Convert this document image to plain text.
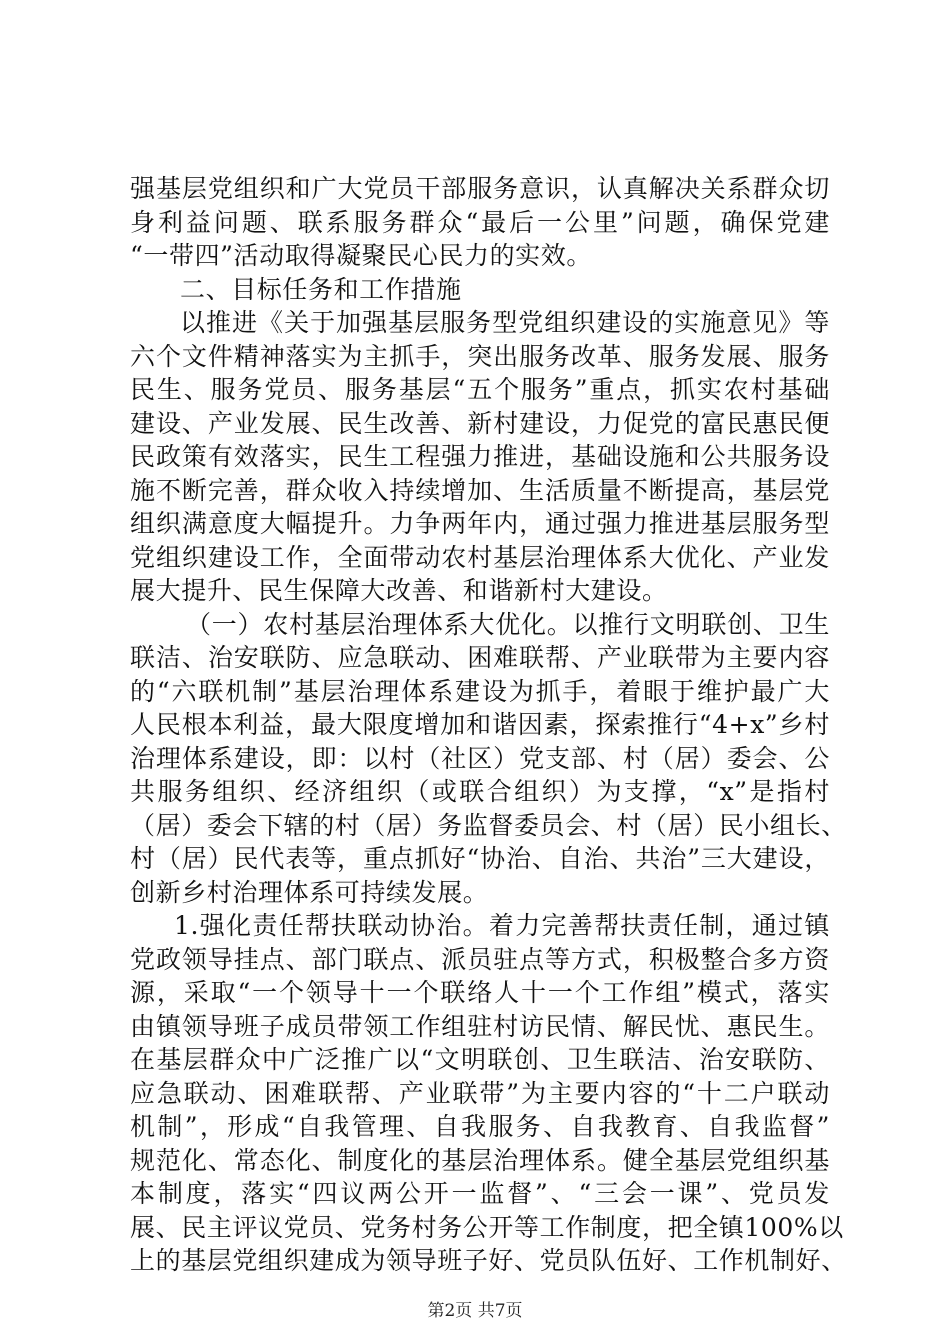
强基层党组织和广大党员干部服务意识，认真解决关系群众切
身利益问题、联系服务群众“最后一公里”问题，确保党建
“一带四”活动取得凝聚民心民力的实效。
二、目标任务和工作措施
以推进《关于加强基层服务型党组织建设的实施意见》等
六个文件精神落实为主抓手，突出服务改革、服务发展、服务
民生、服务党员、服务基层“五个服务”重点，抓实农村基础
建设、产业发展、民生改善、新村建设，力促党的富民惠民便
民政策有效落实，民生工程强力推进，基础设施和公共服务设
施不断完善，群众收入持续增加、生活质量不断提高，基层党
组织满意度大幅提升。力争两年内，通过强力推进基层服务型
党组织建设工作，全面带动农村基层治理体系大优化、产业发
展大提升、民生保障大改善、和谐新村大建设。
（一）农村基层治理体系大优化。以推行文明联创、卫生
联洁、治安联防、应急联动、困难联帮、产业联带为主要内容
的“六联机制”基层治理体系建设为抓手，着眼于维护最广大
人民根本利益，最大限度增加和谐因素，探索推行“4+x”乡村
治理体系建设，即：以村（社区）党支部、村（居）委会、公
共服务组织、经济组织（或联合组织）为支撑，“x”是指村
（居）委会下辖的村（居）务监督委员会、村（居）民小组长、
村（居）民代表等，重点抓好“协治、自治、共治”三大建设，
创新乡村治理体系可持续发展。
1.强化责任帮扶联动协治。着力完善帮扶责任制，通过镇
党政领导挂点、部门联点、派员驻点等方式，积极整合多方资
源，采取“一个领导十一个联络人十一个工作组”模式，落实
由镇领导班子成员带领工作组驻村访民情、解民忧、惠民生。
在基层群众中广泛推广以“文明联创、卫生联洁、治安联防、
应急联动、困难联帮、产业联带”为主要内容的“十二户联动
机制”，形成“自我管理、自我服务、自我教育、自我监督”
规范化、常态化、制度化的基层治理体系。健全基层党组织基
本制度，落实“四议两公开一监督”、“三会一课”、党员发
展、民主评议党员、党务村务公开等工作制度，把全镇100%以
上的基层党组织建成为领导班子好、党员队伍好、工作机制好、
第2页 共7页
